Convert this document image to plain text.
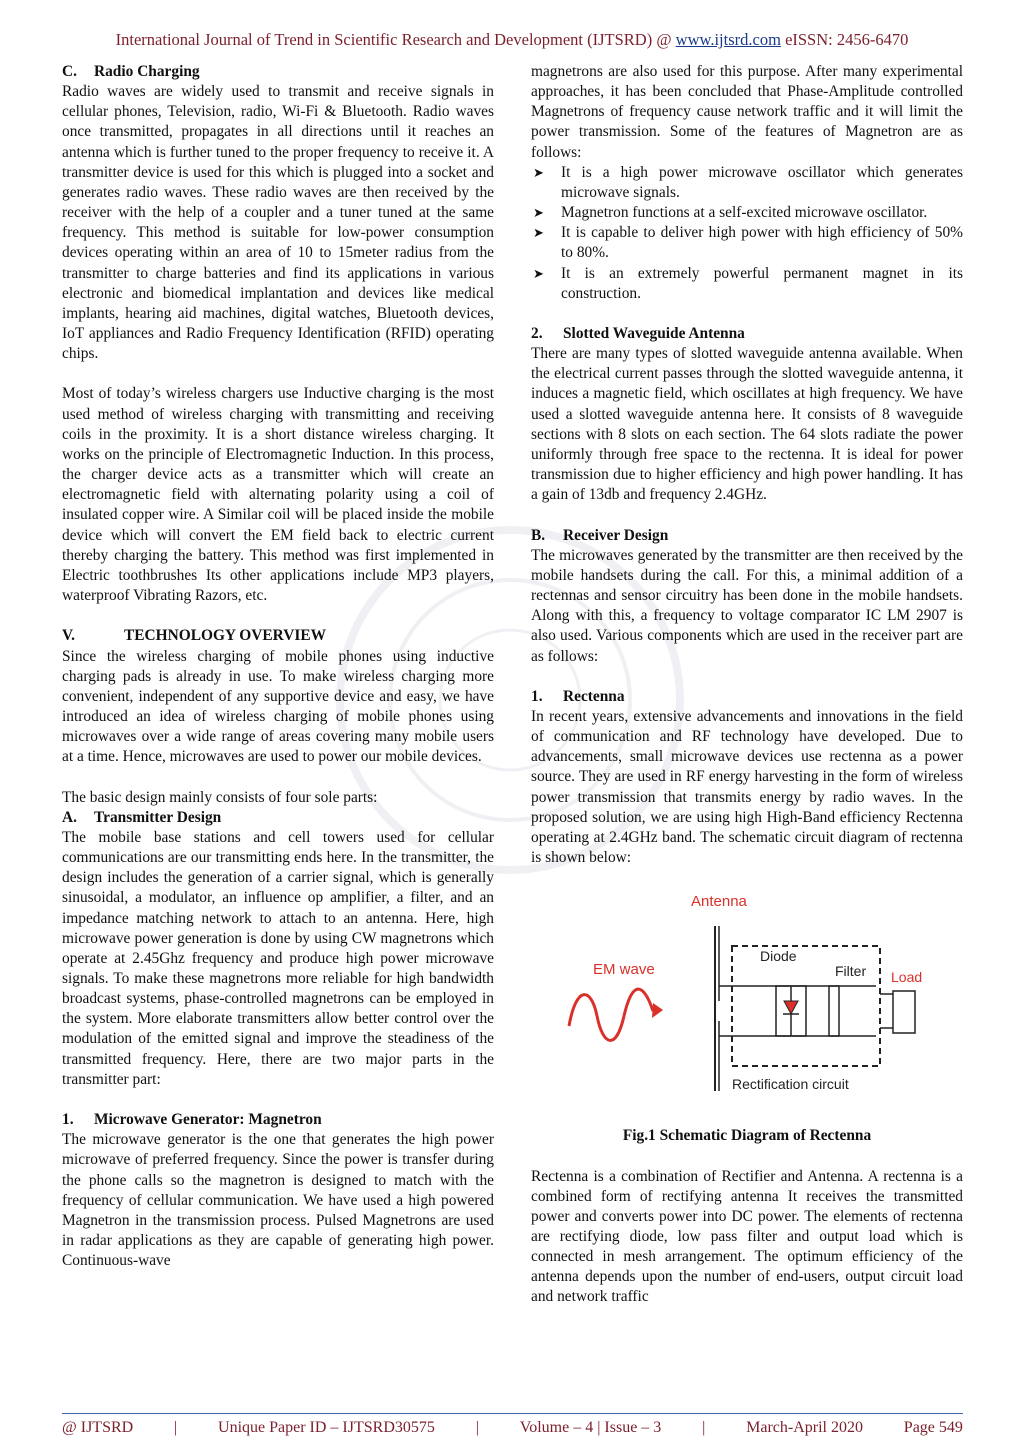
International Journal of Trend in Scientific Research and Development (IJTSRD) @ www.ijtsrd.com eISSN: 2456-6470

C. Radio Charging

Radio waves are widely used to transmit and receive signals in cellular phones, Television, radio, Wi-Fi & Bluetooth. Radio waves once transmitted, propagates in all directions until it reaches an antenna which is further tuned to the proper frequency to receive it. A transmitter device is used for this which is plugged into a socket and generates radio waves. These radio waves are then received by the receiver with the help of a coupler and a tuner tuned at the same frequency. This method is suitable for low-power consumption devices operating within an area of 10 to 15meter radius from the transmitter to charge batteries and find its applications in various electronic and biomedical implantation and devices like medical implants, hearing aid machines, digital watches, Bluetooth devices, IoT appliances and Radio Frequency Identification (RFID) operating chips.

Most of today’s wireless chargers use Inductive charging is the most used method of wireless charging with transmitting and receiving coils in the proximity. It is a short distance wireless charging. It works on the principle of Electromagnetic Induction. In this process, the charger device acts as a transmitter which will create an electromagnetic field with alternating polarity using a coil of insulated copper wire. A Similar coil will be placed inside the mobile device which will convert the EM field back to electric current thereby charging the battery. This method was first implemented in Electric toothbrushes Its other applications include MP3 players, waterproof Vibrating Razors, etc.

V.	TECHNOLOGY OVERVIEW

Since the wireless charging of mobile phones using inductive charging pads is already in use. To make wireless charging more convenient, independent of any supportive device and easy, we have introduced an idea of wireless charging of mobile phones using microwaves over a wide range of areas covering many mobile users at a time. Hence, microwaves are used to power our mobile devices.

The basic design mainly consists of four sole parts:

A. Transmitter Design

The mobile base stations and cell towers used for cellular communications are our transmitting ends here. In the transmitter, the design includes the generation of a carrier signal, which is generally sinusoidal, a modulator, an influence op amplifier, a filter, and an impedance matching network to attach to an antenna. Here, high microwave power generation is done by using CW magnetrons which operate at 2.45Ghz frequency and produce high power microwave signals. To make these magnetrons more reliable for high bandwidth broadcast systems, phase-controlled magnetrons can be employed in the system. More elaborate transmitters allow better control over the modulation of the emitted signal and improve the steadiness of the transmitted frequency. Here, there are two major parts in the transmitter part:

1. Microwave Generator: Magnetron

The microwave generator is the one that generates the high power microwave of preferred frequency. Since the power is transfer during the phone calls so the magnetron is designed to match with the frequency of cellular communication. We have used a high powered Magnetron in the transmission process. Pulsed Magnetrons are used in radar applications as they are capable of generating high power. Continuous-wave

magnetrons are also used for this purpose. After many experimental approaches, it has been concluded that Phase-Amplitude controlled Magnetrons of frequency cause network traffic and it will limit the power transmission. Some of the features of Magnetron are as follows:

➤ It is a high power microwave oscillator which generates microwave signals.
➤ Magnetron functions at a self-excited microwave oscillator.
➤ It is capable to deliver high power with high efficiency of 50% to 80%.
➤ It is an extremely powerful permanent magnet in its construction.

2. Slotted Waveguide Antenna

There are many types of slotted waveguide antenna available. When the electrical current passes through the slotted waveguide antenna, it induces a magnetic field, which oscillates at high frequency. We have used a slotted waveguide antenna here. It consists of 8 waveguide sections with 8 slots on each section. The 64 slots radiate the power uniformly through free space to the rectenna. It is ideal for power transmission due to higher efficiency and high power handling. It has a gain of 13db and frequency 2.4GHz.

B. Receiver Design

The microwaves generated by the transmitter are then received by the mobile handsets during the call. For this, a minimal addition of a rectennas and sensor circuitry has been done in the mobile handsets. Along with this, a frequency to voltage comparator IC LM 2907 is also used. Various components which are used in the receiver part are as follows:

1. Rectenna

In recent years, extensive advancements and innovations in the field of communication and RF technology have developed. Due to advancements, small microwave devices use rectenna as a power source. They are used in RF energy harvesting in the form of wireless power transmission that transmits energy by radio waves. In the proposed solution, we are using high High-Band efficiency Rectenna operating at 2.4GHz band. The schematic circuit diagram of rectenna is shown below:

Antenna
EM wave
Diode
Filter Load
Rectification circuit

Fig.1 Schematic Diagram of Rectenna

Rectenna is a combination of Rectifier and Antenna. A rectenna is a combined form of rectifying antenna It receives the transmitted power and converts power into DC power. The elements of rectenna are rectifying diode, low pass filter and output load which is connected in mesh arrangement. The optimum efficiency of the antenna depends upon the number of end-users, output circuit load and network traffic

@ IJTSRD	|	Unique Paper ID – IJTSRD30575	|	Volume – 4 | Issue – 3	|	March-April 2020	Page 549
